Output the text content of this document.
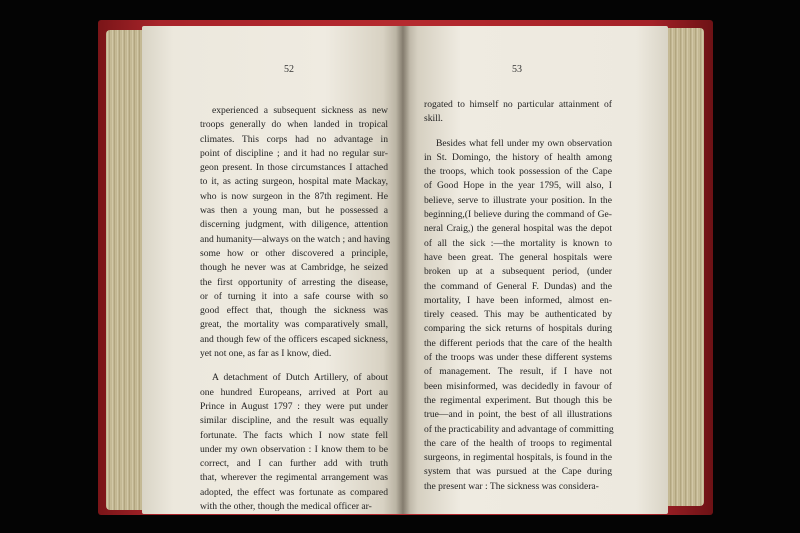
52	53

experienced a subsequent sickness as new
troops generally do when landed in tropical
climates. This corps had no advantage in
point of discipline ; and it had no regular sur-
geon present. In those circumstances I attached
to it, as acting surgeon, hospital mate Mackay,
who is now surgeon in the 87th regiment. He
was then a young man, but he possessed a
discerning judgment, with diligence, attention
and humanity—always on the watch ; and having
some how or other discovered a principle,
though he never was at Cambridge, he seized
the first opportunity of arresting the disease,
or of turning it into a safe course with so
good effect that, though the sickness was
great, the mortality was comparatively small,
and though few of the officers escaped sickness,
yet not one, as far as I know, died.

A detachment of Dutch Artillery, of about
one hundred Europeans, arrived at Port au
Prince in August 1797 : they were put under
similar discipline, and the result was equally
fortunate. The facts which I now state fell
under my own observation : I know them to be
correct, and I can further add with truth
that, wherever the regimental arrangement was
adopted, the effect was fortunate as compared
with the other, though the medical officer ar-

rogated to himself no particular attainment of
skill.

Besides what fell under my own observation
in St. Domingo, the history of health among
the troops, which took possession of the Cape
of Good Hope in the year 1795, will also, I
believe, serve to illustrate your position. In the
beginning,(I believe during the command of Ge-
neral Craig,) the general hospital was the depot
of all the sick :—the mortality is known to
have been great. The general hospitals were
broken up at a subsequent period, (under
the command of General F. Dundas) and the
mortality, I have been informed, almost en-
tirely ceased. This may be authenticated by
comparing the sick returns of hospitals during
the different periods that the care of the health
of the troops was under these different systems
of management. The result, if I have not
been misinformed, was decidedly in favour of
the regimental experiment. But though this be
true—and in point, the best of all illustrations
of the practicability and advantage of committing
the care of the health of troops to regimental
surgeons, in regimental hospitals, is found in the
system that was pursued at the Cape during
the present war : The sickness was considera-
